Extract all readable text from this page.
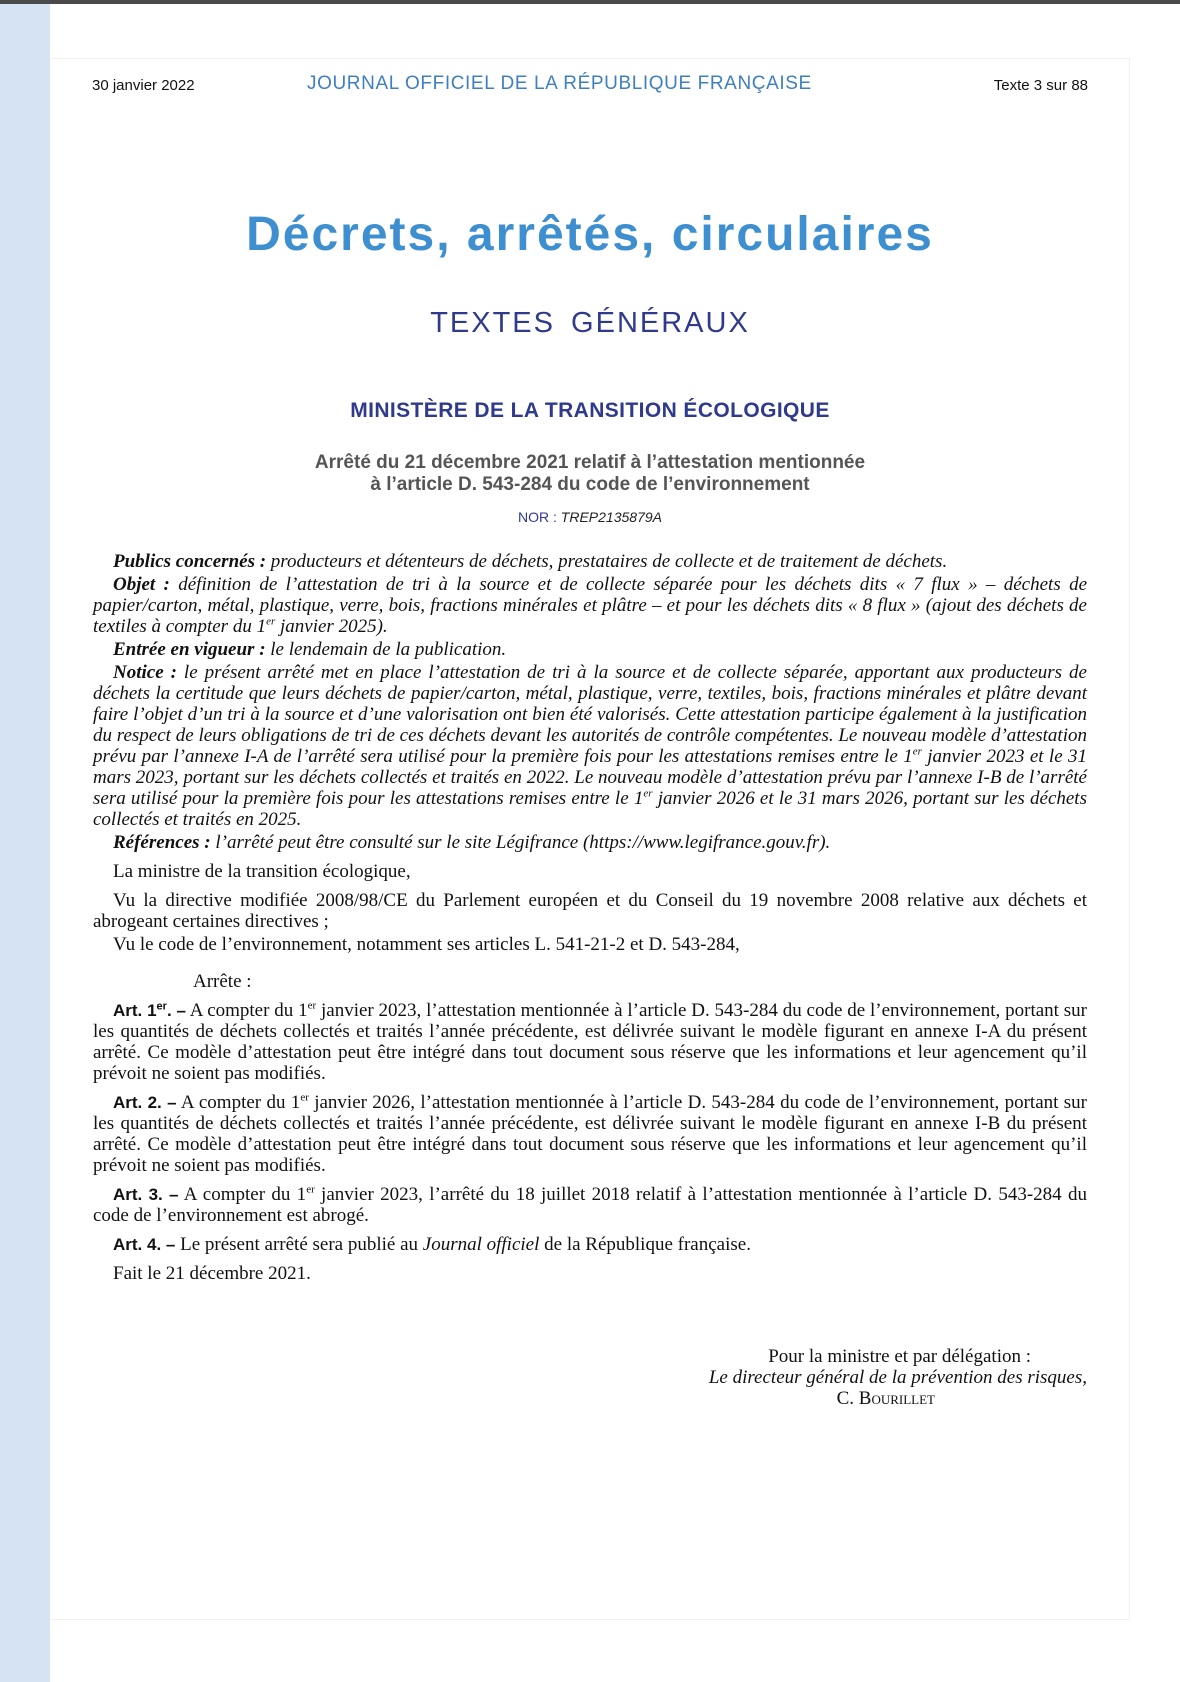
30 janvier 2022	JOURNAL OFFICIEL DE LA RÉPUBLIQUE FRANÇAISE	Texte 3 sur 88
Décrets, arrêtés, circulaires
TEXTES GÉNÉRAUX
MINISTÈRE DE LA TRANSITION ÉCOLOGIQUE
Arrêté du 21 décembre 2021 relatif à l’attestation mentionnée
à l’article D. 543-284 du code de l’environnement
NOR : TREP2135879A

Publics concernés : producteurs et détenteurs de déchets, prestataires de collecte et de traitement de déchets.

Objet : définition de l’attestation de tri à la source et de collecte séparée pour les déchets dits « 7 flux » – déchets de papier/carton, métal, plastique, verre, bois, fractions minérales et plâtre – et pour les déchets dits « 8 flux » (ajout des déchets de textiles à compter du 1er janvier 2025).

Entrée en vigueur : le lendemain de la publication.

Notice : le présent arrêté met en place l’attestation de tri à la source et de collecte séparée, apportant aux producteurs de déchets la certitude que leurs déchets de papier/carton, métal, plastique, verre, textiles, bois, fractions minérales et plâtre devant faire l’objet d’un tri à la source et d’une valorisation ont bien été valorisés. Cette attestation participe également à la justification du respect de leurs obligations de tri de ces déchets devant les autorités de contrôle compétentes. Le nouveau modèle d’attestation prévu par l’annexe I-A de l’arrêté sera utilisé pour la première fois pour les attestations remises entre le 1er janvier 2023 et le 31 mars 2023, portant sur les déchets collectés et traités en 2022. Le nouveau modèle d’attestation prévu par l’annexe I-B de l’arrêté sera utilisé pour la première fois pour les attestations remises entre le 1er janvier 2026 et le 31 mars 2026, portant sur les déchets collectés et traités en 2025.

Références : l’arrêté peut être consulté sur le site Légifrance (https://www.legifrance.gouv.fr).

La ministre de la transition écologique,

Vu la directive modifiée 2008/98/CE du Parlement européen et du Conseil du 19 novembre 2008 relative aux déchets et abrogeant certaines directives ;

Vu le code de l’environnement, notamment ses articles L. 541-21-2 et D. 543-284,

Arrête :

Art. 1er. – A compter du 1er janvier 2023, l’attestation mentionnée à l’article D. 543-284 du code de l’environnement, portant sur les quantités de déchets collectés et traités l’année précédente, est délivrée suivant le modèle figurant en annexe I-A du présent arrêté. Ce modèle d’attestation peut être intégré dans tout document sous réserve que les informations et leur agencement qu’il prévoit ne soient pas modifiés.

Art. 2. – A compter du 1er janvier 2026, l’attestation mentionnée à l’article D. 543-284 du code de l’environnement, portant sur les quantités de déchets collectés et traités l’année précédente, est délivrée suivant le modèle figurant en annexe I-B du présent arrêté. Ce modèle d’attestation peut être intégré dans tout document sous réserve que les informations et leur agencement qu’il prévoit ne soient pas modifiés.

Art. 3. – A compter du 1er janvier 2023, l’arrêté du 18 juillet 2018 relatif à l’attestation mentionnée à l’article D. 543-284 du code de l’environnement est abrogé.

Art. 4. – Le présent arrêté sera publié au Journal officiel de la République française.

Fait le 21 décembre 2021.

Pour la ministre et par délégation :
Le directeur général de la prévention des risques,
C. Bourillet
